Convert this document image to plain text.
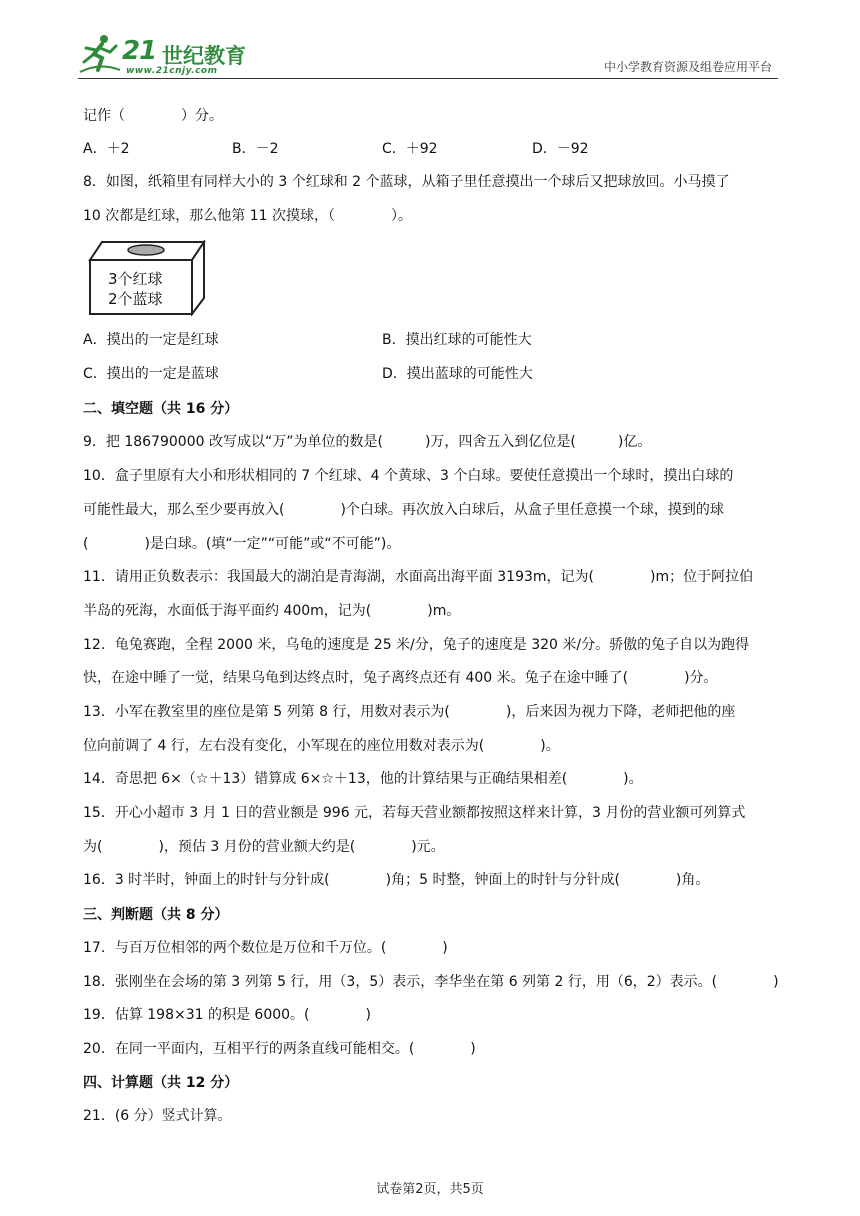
21 世纪教育
www.21cnjy.com	中小学教育资源及组卷应用平台
记作（　　　　）分。
A．＋2	B．－2	C．＋92	D．－92
8．如图，纸箱里有同样大小的 3 个红球和 2 个蓝球，从箱子里任意摸出一个球后又把球放回。小马摸了
10 次都是红球，那么他第 11 次摸球，（　　　　）。
3个红球
2个蓝球
A．摸出的一定是红球	B．摸出红球的可能性大
C．摸出的一定是蓝球	D．摸出蓝球的可能性大
二、填空题（共 16 分）
9．把 186790000 改写成以“万”为单位的数是(　　　)万，四舍五入到亿位是(　　　)亿。
10．盒子里原有大小和形状相同的 7 个红球、4 个黄球、3 个白球。要使任意摸出一个球时，摸出白球的
可能性最大，那么至少要再放入(　　　　)个白球。再次放入白球后，从盒子里任意摸一个球，摸到的球
(　　　　)是白球。(填“一定”“可能”或“不可能”)。
11．请用正负数表示：我国最大的湖泊是青海湖，水面高出海平面 3193m，记为(　　　　)m；位于阿拉伯
半岛的死海，水面低于海平面约 400m，记为(　　　　)m。
12．龟兔赛跑，全程 2000 米，乌龟的速度是 25 米/分，兔子的速度是 320 米/分。骄傲的兔子自以为跑得
快，在途中睡了一觉，结果乌龟到达终点时，兔子离终点还有 400 米。兔子在途中睡了(　　　　)分。
13．小军在教室里的座位是第 5 列第 8 行，用数对表示为(　　　　)，后来因为视力下降，老师把他的座
位向前调了 4 行，左右没有变化，小军现在的座位用数对表示为(　　　　)。
14．奇思把 6×（☆＋13）错算成 6×☆＋13，他的计算结果与正确结果相差(　　　　)。
15．开心小超市 3 月 1 日的营业额是 996 元，若每天营业额都按照这样来计算，3 月份的营业额可列算式
为(　　　　)，预估 3 月份的营业额大约是(　　　　)元。
16．3 时半时，钟面上的时针与分针成(　　　　)角；5 时整，钟面上的时针与分针成(　　　　)角。
三、判断题（共 8 分）
17．与百万位相邻的两个数位是万位和千万位。(　　　　)
18．张刚坐在会场的第 3 列第 5 行，用（3，5）表示，李华坐在第 6 列第 2 行，用（6，2）表示。(　　　　)
19．估算 198×31 的积是 6000。(　　　　)
20．在同一平面内，互相平行的两条直线可能相交。(　　　　)
四、计算题（共 12 分）
21．(6 分）竖式计算。
试卷第2页，共5页
